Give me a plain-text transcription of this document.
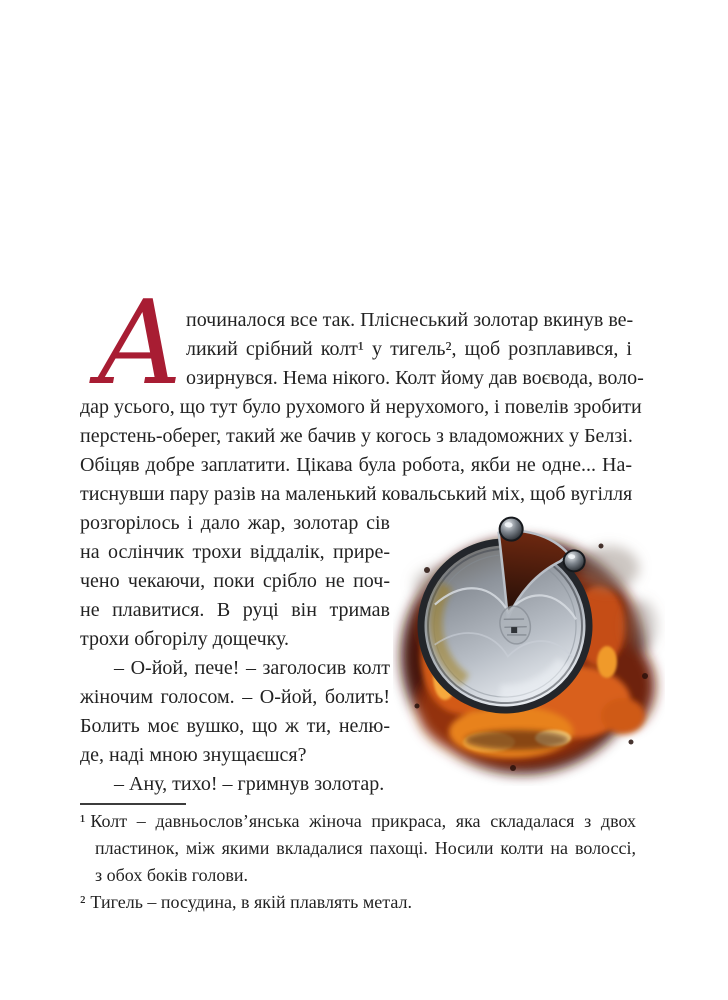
А починалося все так. Пліснеський золотар вкинув ве-
ликий срібний колт¹ у тигель², щоб розплавився, і
озирнувся. Нема нікого. Колт йому дав воєвода, воло-
дар усього, що тут було рухомого й нерухомого, і повелів зробити
перстень-оберег, такий же бачив у когось з владоможних у Белзі.
Обіцяв добре заплатити. Цікава була робота, якби не одне... На-
тиснувши пару разів на маленький ковальський міх, щоб вугілля
розгорілось і дало жар, золотар сів
на ослінчик трохи віддалік, прире-
чено чекаючи, поки срібло не поч-
не плавитися. В руці він тримав
трохи обгорілу дощечку.
– О-йой, пече! – заголосив колт
жіночим голосом. – О-йой, болить!
Болить моє вушко, що ж ти, нелю-
де, наді мною знущаєшся?
– Ану, тихо! – гримнув золотар.
¹ Колт – давньослов’янська жіноча прикраса, яка складалася з двох
пластинок, між якими вкладалися пахощі. Носили колти на волоссі,
з обох боків голови.
² Тигель – посудина, в якій плавлять метал.
